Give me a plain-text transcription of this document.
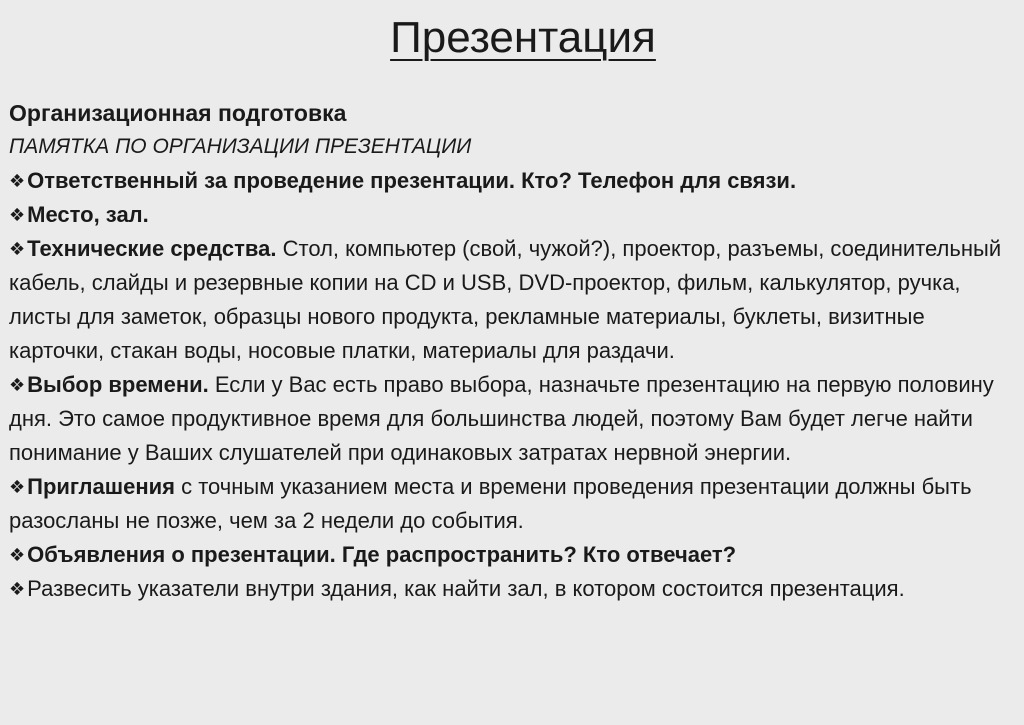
Презентация
Организационная подготовка
ПАМЯТКА ПО ОРГАНИЗАЦИИ ПРЕЗЕНТАЦИИ
❖Ответственный за проведение презентации. Кто? Телефон для связи.
❖Место, зал.
❖Технические средства. Стол, компьютер (свой, чужой?), проектор, разъемы, соединительный кабель, слайды и резервные копии на CD и USB, DVD-проектор, фильм, калькулятор, ручка, листы для заметок, образцы нового продукта, рекламные материалы, буклеты, визитные карточки, стакан воды, носовые платки, материалы для раздачи.
❖Выбор времени. Если у Вас есть право выбора, назначьте презентацию на первую половину дня. Это самое продуктивное время для большинства людей, поэтому Вам будет легче найти понимание у Ваших слушателей при одинаковых затратах нервной энергии.
❖Приглашения с точным указанием места и времени проведения презентации должны быть разосланы не позже, чем за 2 недели до события.
❖Объявления о презентации. Где распространить? Кто отвечает?
❖Развесить указатели внутри здания, как найти зал, в котором состоится презентация.
